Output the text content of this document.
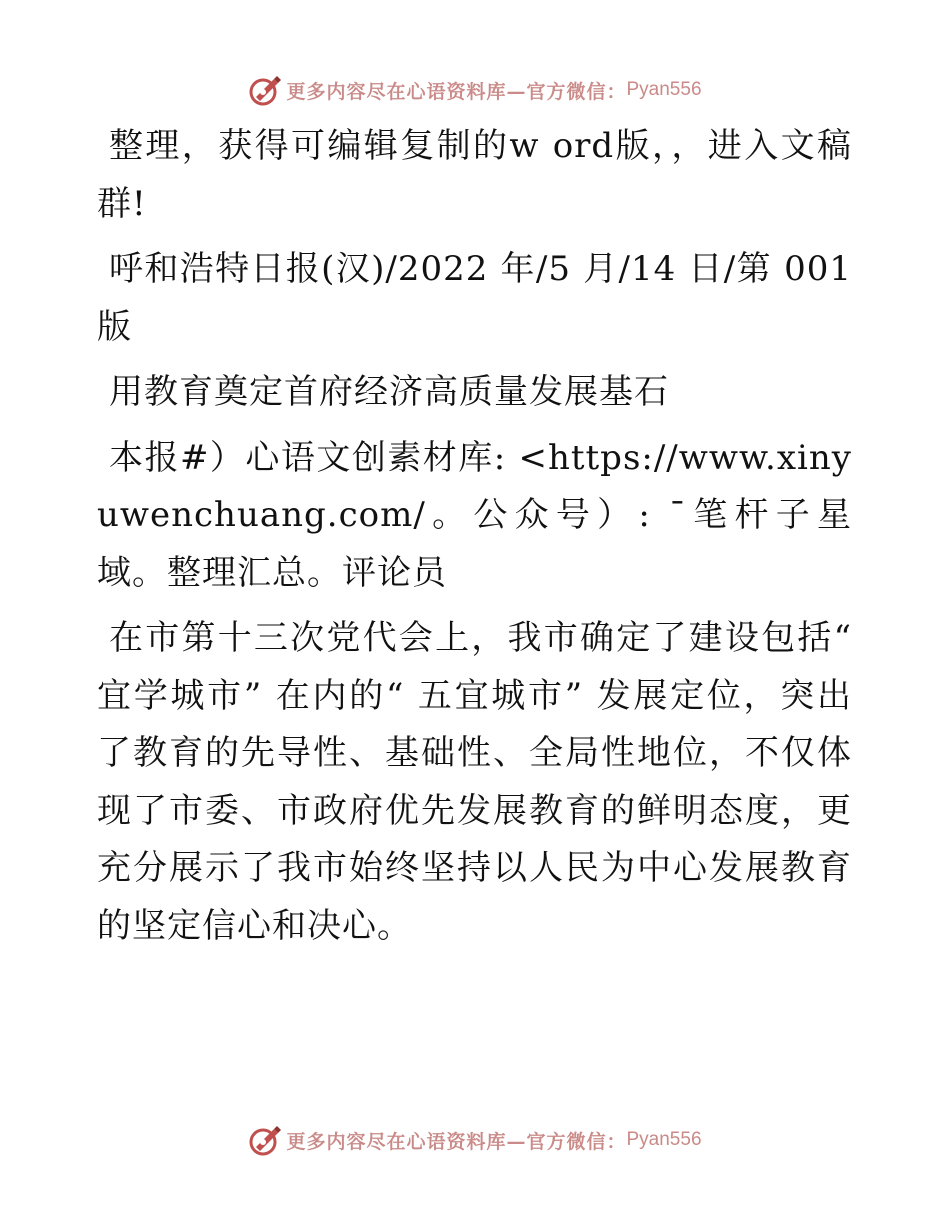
更多内容尽在心语资料库—官方微信： Pyan556

整理，获得可编辑复制的w ord版，，进入文稿群!

呼和浩特日报(汉)/2022 年/5 月/14 日/第 001 版

用教育奠定首府经济高质量发展基石

本报#）心语文创素材库: <https://www.xinyuwenchuang.com/。公众号）: ¯笔杆子星域。整理汇总。评论员

在市第十三次党代会上，我市确定了建设包括“ 宜学城市” 在内的“ 五宜城市” 发展定位，突出了教育的先导性、基础性、全局性地位，不仅体现了市委、市政府优先发展教育的鲜明态度，更充分展示了我市始终坚持以人民为中心发展教育的坚定信心和决心。

更多内容尽在心语资料库—官方微信： Pyan556
